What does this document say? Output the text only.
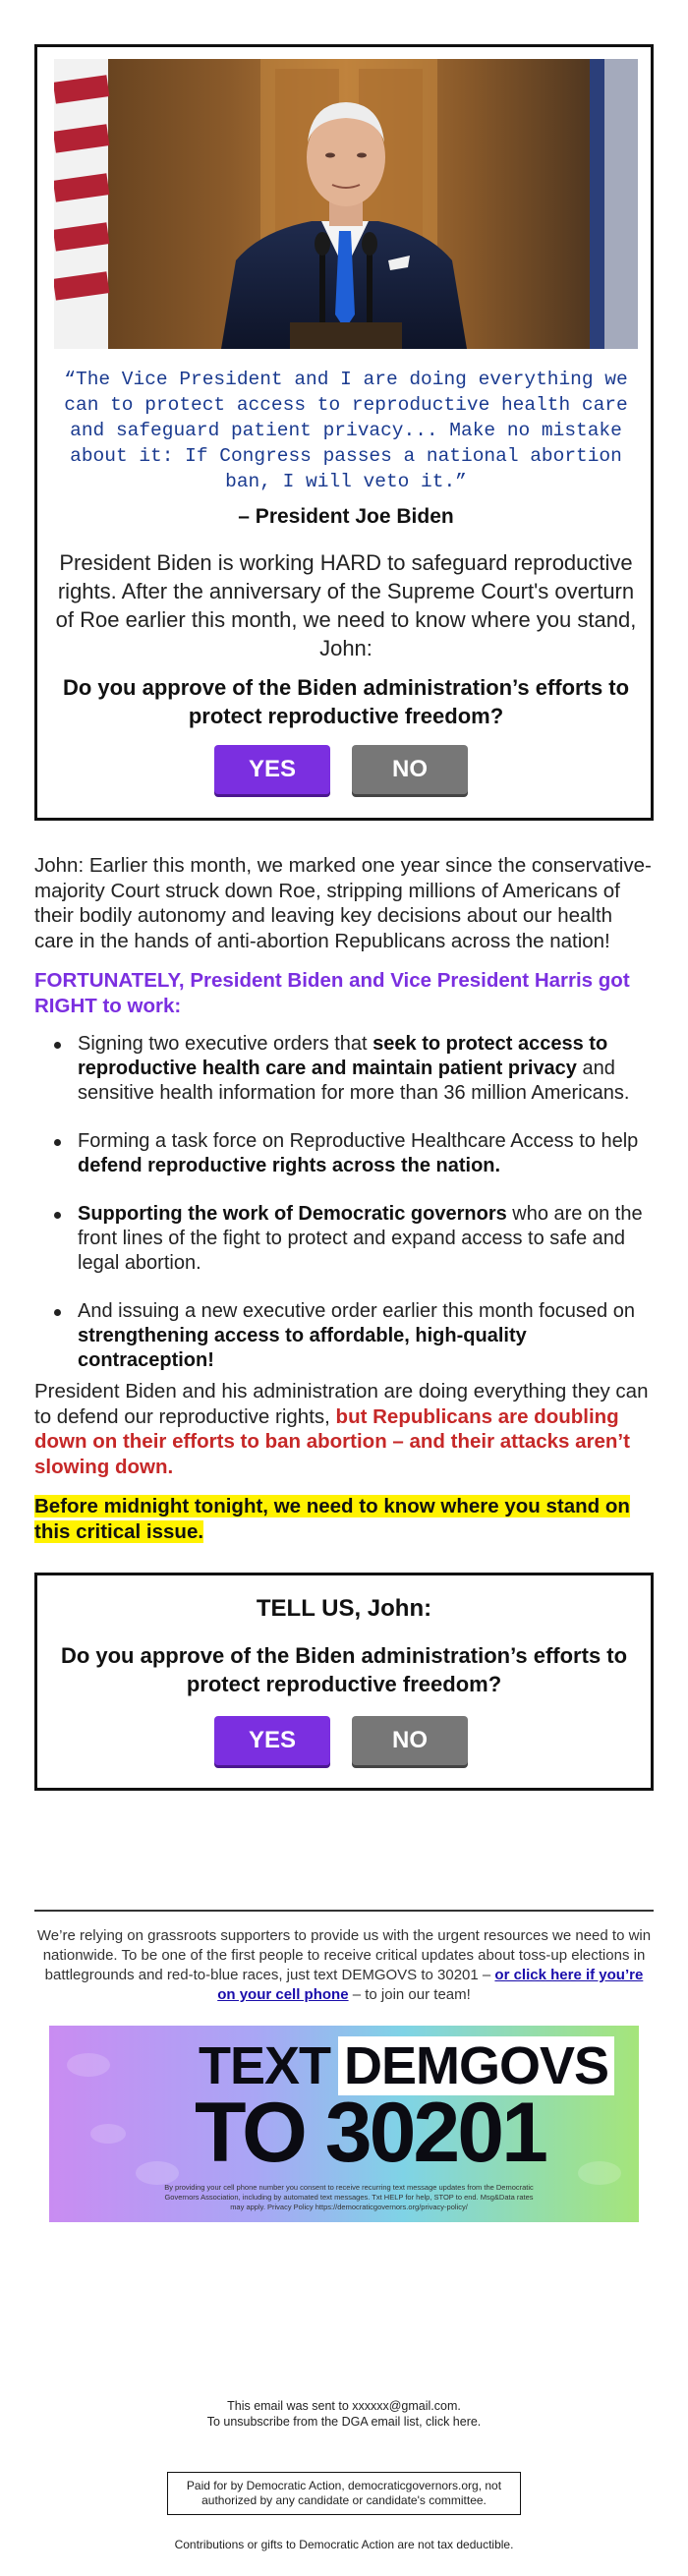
“The Vice President and I are doing everything we can to protect access to reproductive health care and safeguard patient privacy... Make no mistake about it: If Congress passes a national abortion ban, I will veto it.”

– President Joe Biden

President Biden is working HARD to safeguard reproductive rights. After the anniversary of the Supreme Court's overturn of Roe earlier this month, we need to know where you stand, John:

Do you approve of the Biden administration’s efforts to protect reproductive freedom?

YES	NO

John: Earlier this month, we marked one year since the conservative-majority Court struck down Roe, stripping millions of Americans of their bodily autonomy and leaving key decisions about our health care in the hands of anti-abortion Republicans across the nation!

FORTUNATELY, President Biden and Vice President Harris got RIGHT to work:

Signing two executive orders that seek to protect access to reproductive health care and maintain patient privacy and sensitive health information for more than 36 million Americans.
Forming a task force on Reproductive Healthcare Access to help defend reproductive rights across the nation.
Supporting the work of Democratic governors who are on the front lines of the fight to protect and expand access to safe and legal abortion.
And issuing a new executive order earlier this month focused on strengthening access to affordable, high-quality contraception!

President Biden and his administration are doing everything they can to defend our reproductive rights, but Republicans are doubling down on their efforts to ban abortion – and their attacks aren’t slowing down.

Before midnight tonight, we need to know where you stand on this critical issue.

TELL US, John:

Do you approve of the Biden administration’s efforts to protect reproductive freedom?

YES	NO

We’re relying on grassroots supporters to provide us with the urgent resources we need to win nationwide. To be one of the first people to receive critical updates about toss-up elections in battlegrounds and red-to-blue races, just text DEMGOVS to 30201 – or click here if you’re on your cell phone – to join our team!

TEXT DEMGOVS
TO 30201

By providing your cell phone number you consent to receive recurring text message updates from the Democratic Governors Association, including by automated text messages. Txt HELP for help, STOP to end. Msg&Data rates may apply. Privacy Policy https://democraticgovernors.org/privacy-policy/

This email was sent to xxxxxx@gmail.com.

To unsubscribe from the DGA email list, click here.

Paid for by Democratic Action, democraticgovernors.org, not authorized by any candidate or candidate's committee.

Contributions or gifts to Democratic Action are not tax deductible.
